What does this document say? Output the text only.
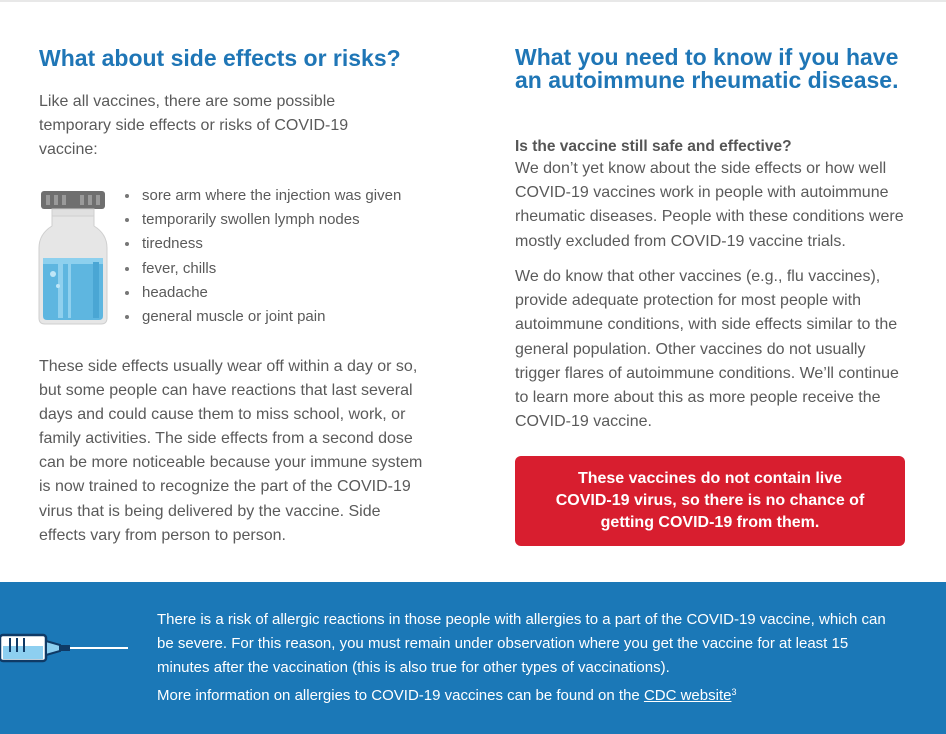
What about side effects or risks?

Like all vaccines, there are some possible temporary side effects or risks of COVID-19 vaccine:

sore arm where the injection was given
temporarily swollen lymph nodes
tiredness
fever, chills
headache
general muscle or joint pain

These side effects usually wear off within a day or so, but some people can have reactions that last several days and could cause them to miss school, work, or family activities. The side effects from a second dose can be more noticeable because your immune system is now trained to recognize the part of the COVID-19 virus that is being delivered by the vaccine. Side effects vary from person to person.

What you need to know if you have an autoimmune rheumatic disease.

Is the vaccine still safe and effective?

We don’t yet know about the side effects or how well COVID-19 vaccines work in people with autoimmune rheumatic diseases. People with these conditions were mostly excluded from COVID-19 vaccine trials.

We do know that other vaccines (e.g., flu vaccines), provide adequate protection for most people with autoimmune conditions, with side effects similar to the general population. Other vaccines do not usually trigger flares of autoimmune conditions. We’ll continue to learn more about this as more people receive the COVID-19 vaccine.

These vaccines do not contain live COVID-19 virus, so there is no chance of getting COVID-19 from them.

There is a risk of allergic reactions in those people with allergies to a part of the COVID-19 vaccine, which can be severe. For this reason, you must remain under observation where you get the vaccine for at least 15 minutes after the vaccination (this is also true for other types of vaccinations).
More information on allergies to COVID-19 vaccines can be found on the CDC website$^3$
